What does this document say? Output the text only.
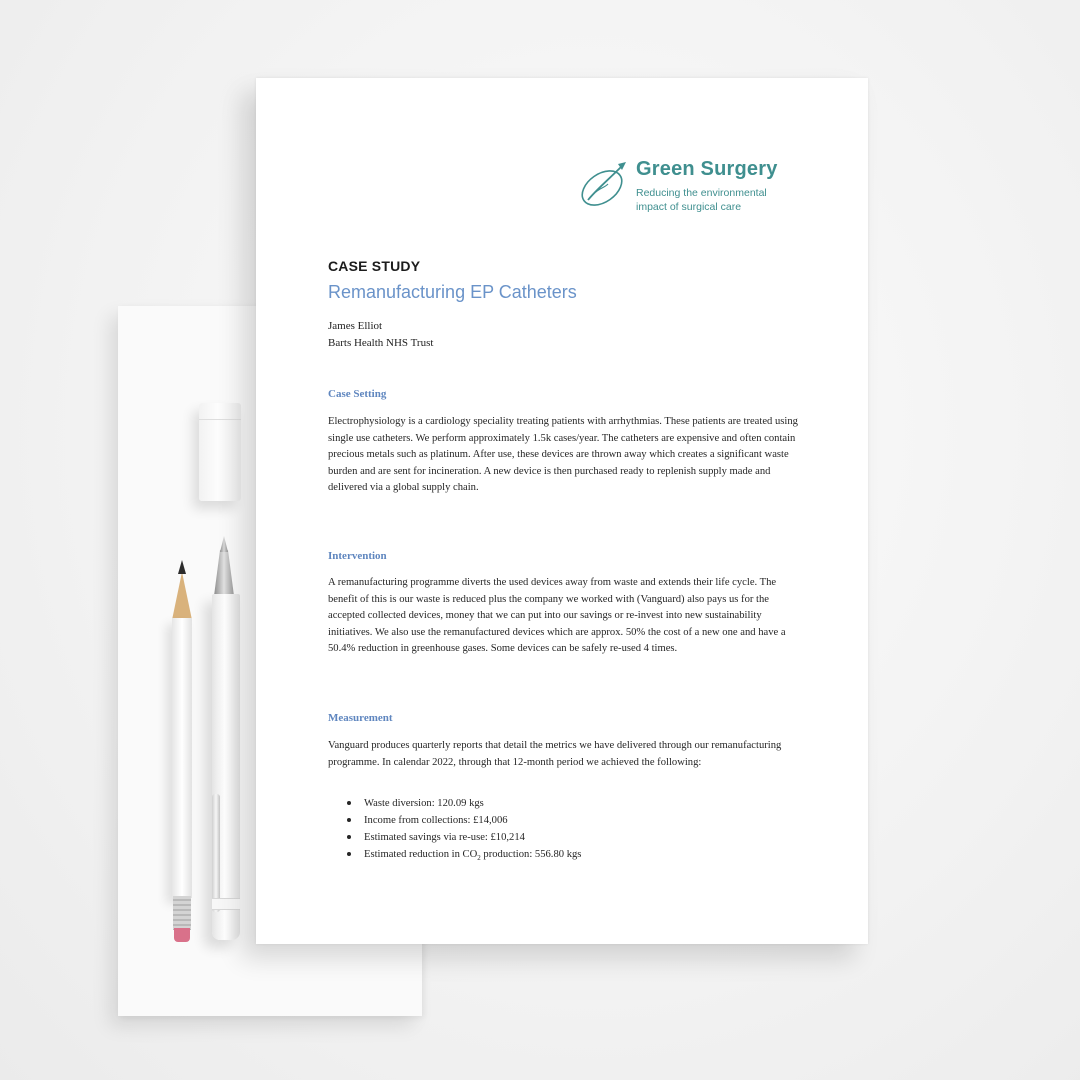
Green Surgery
Reducing the environmental impact of surgical care
CASE STUDY
Remanufacturing EP Catheters
James Elliot
Barts Health NHS Trust
Case Setting
Electrophysiology is a cardiology speciality treating patients with arrhythmias. These patients are treated using single use catheters. We perform approximately 1.5k cases/year. The catheters are expensive and often contain precious metals such as platinum. After use, these devices are thrown away which creates a significant waste burden and are sent for incineration. A new device is then purchased ready to replenish supply made and delivered via a global supply chain.
Intervention
A remanufacturing programme diverts the used devices away from waste and extends their life cycle. The benefit of this is our waste is reduced plus the company we worked with (Vanguard) also pays us for the accepted collected devices, money that we can put into our savings or re-invest into new sustainability initiatives. We also use the remanufactured devices which are approx. 50% the cost of a new one and have a 50.4% reduction in greenhouse gases. Some devices can be safely re-used 4 times.
Measurement
Vanguard produces quarterly reports that detail the metrics we have delivered through our remanufacturing programme. In calendar 2022, through that 12-month period we achieved the following:
Waste diversion: 120.09 kgs
Income from collections: £14,006
Estimated savings via re-use: £10,214
Estimated reduction in $CO_2$ production: 556.80 kgs
